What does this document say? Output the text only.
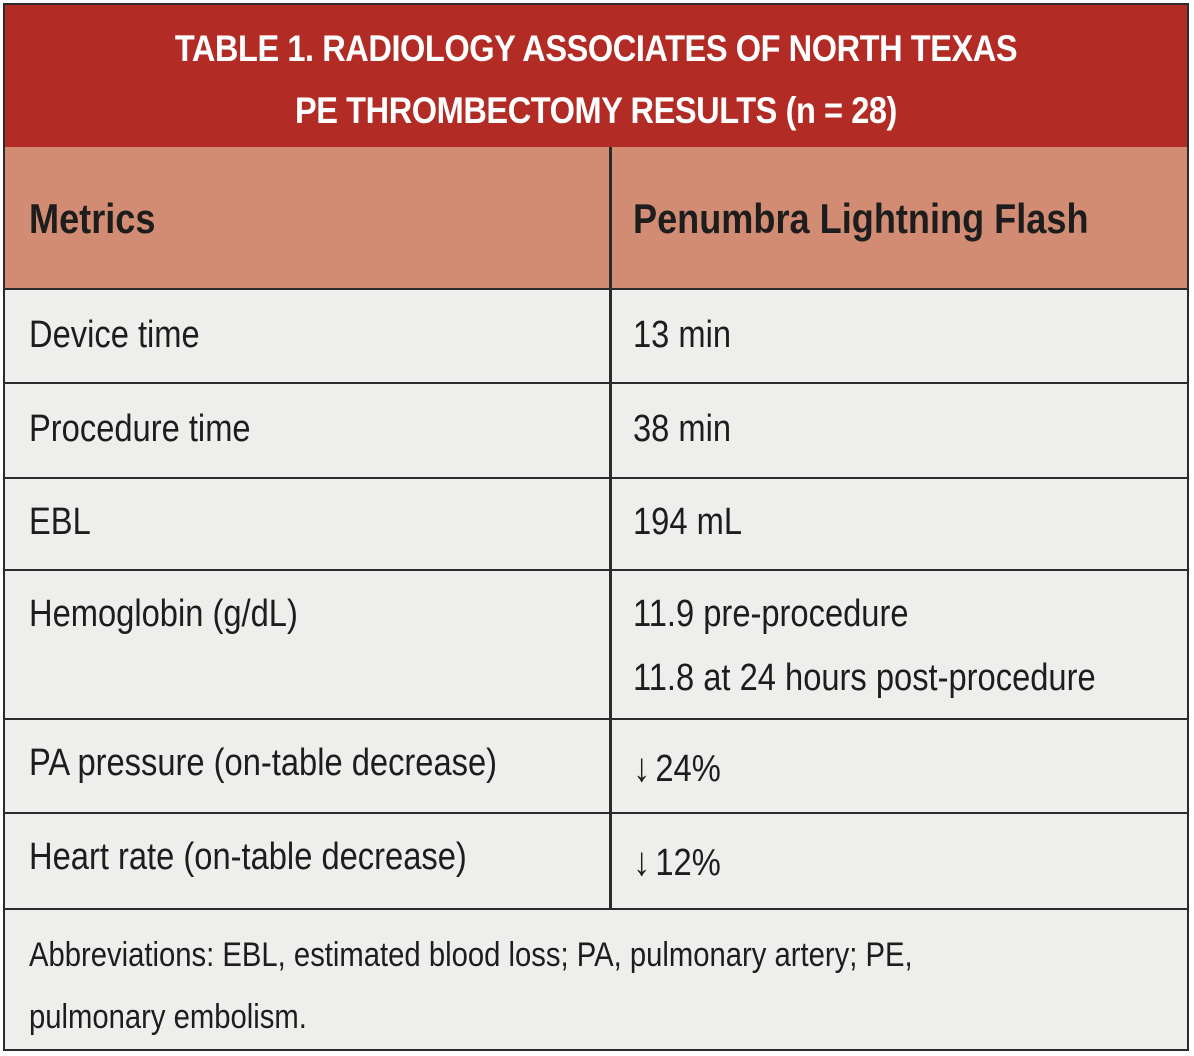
TABLE 1. RADIOLOGY ASSOCIATES OF NORTH TEXAS
PE THROMBECTOMY RESULTS (n = 28)
Metrics	Penumbra Lightning Flash
Device time	13 min
Procedure time	38 min
EBL	194 mL
Hemoglobin (g/dL)	11.9 pre-procedure
11.8 at 24 hours post-procedure
PA pressure (on-table decrease)	↓ 24%
Heart rate (on-table decrease)	↓ 12%
Abbreviations: EBL, estimated blood loss; PA, pulmonary artery; PE,
pulmonary embolism.
